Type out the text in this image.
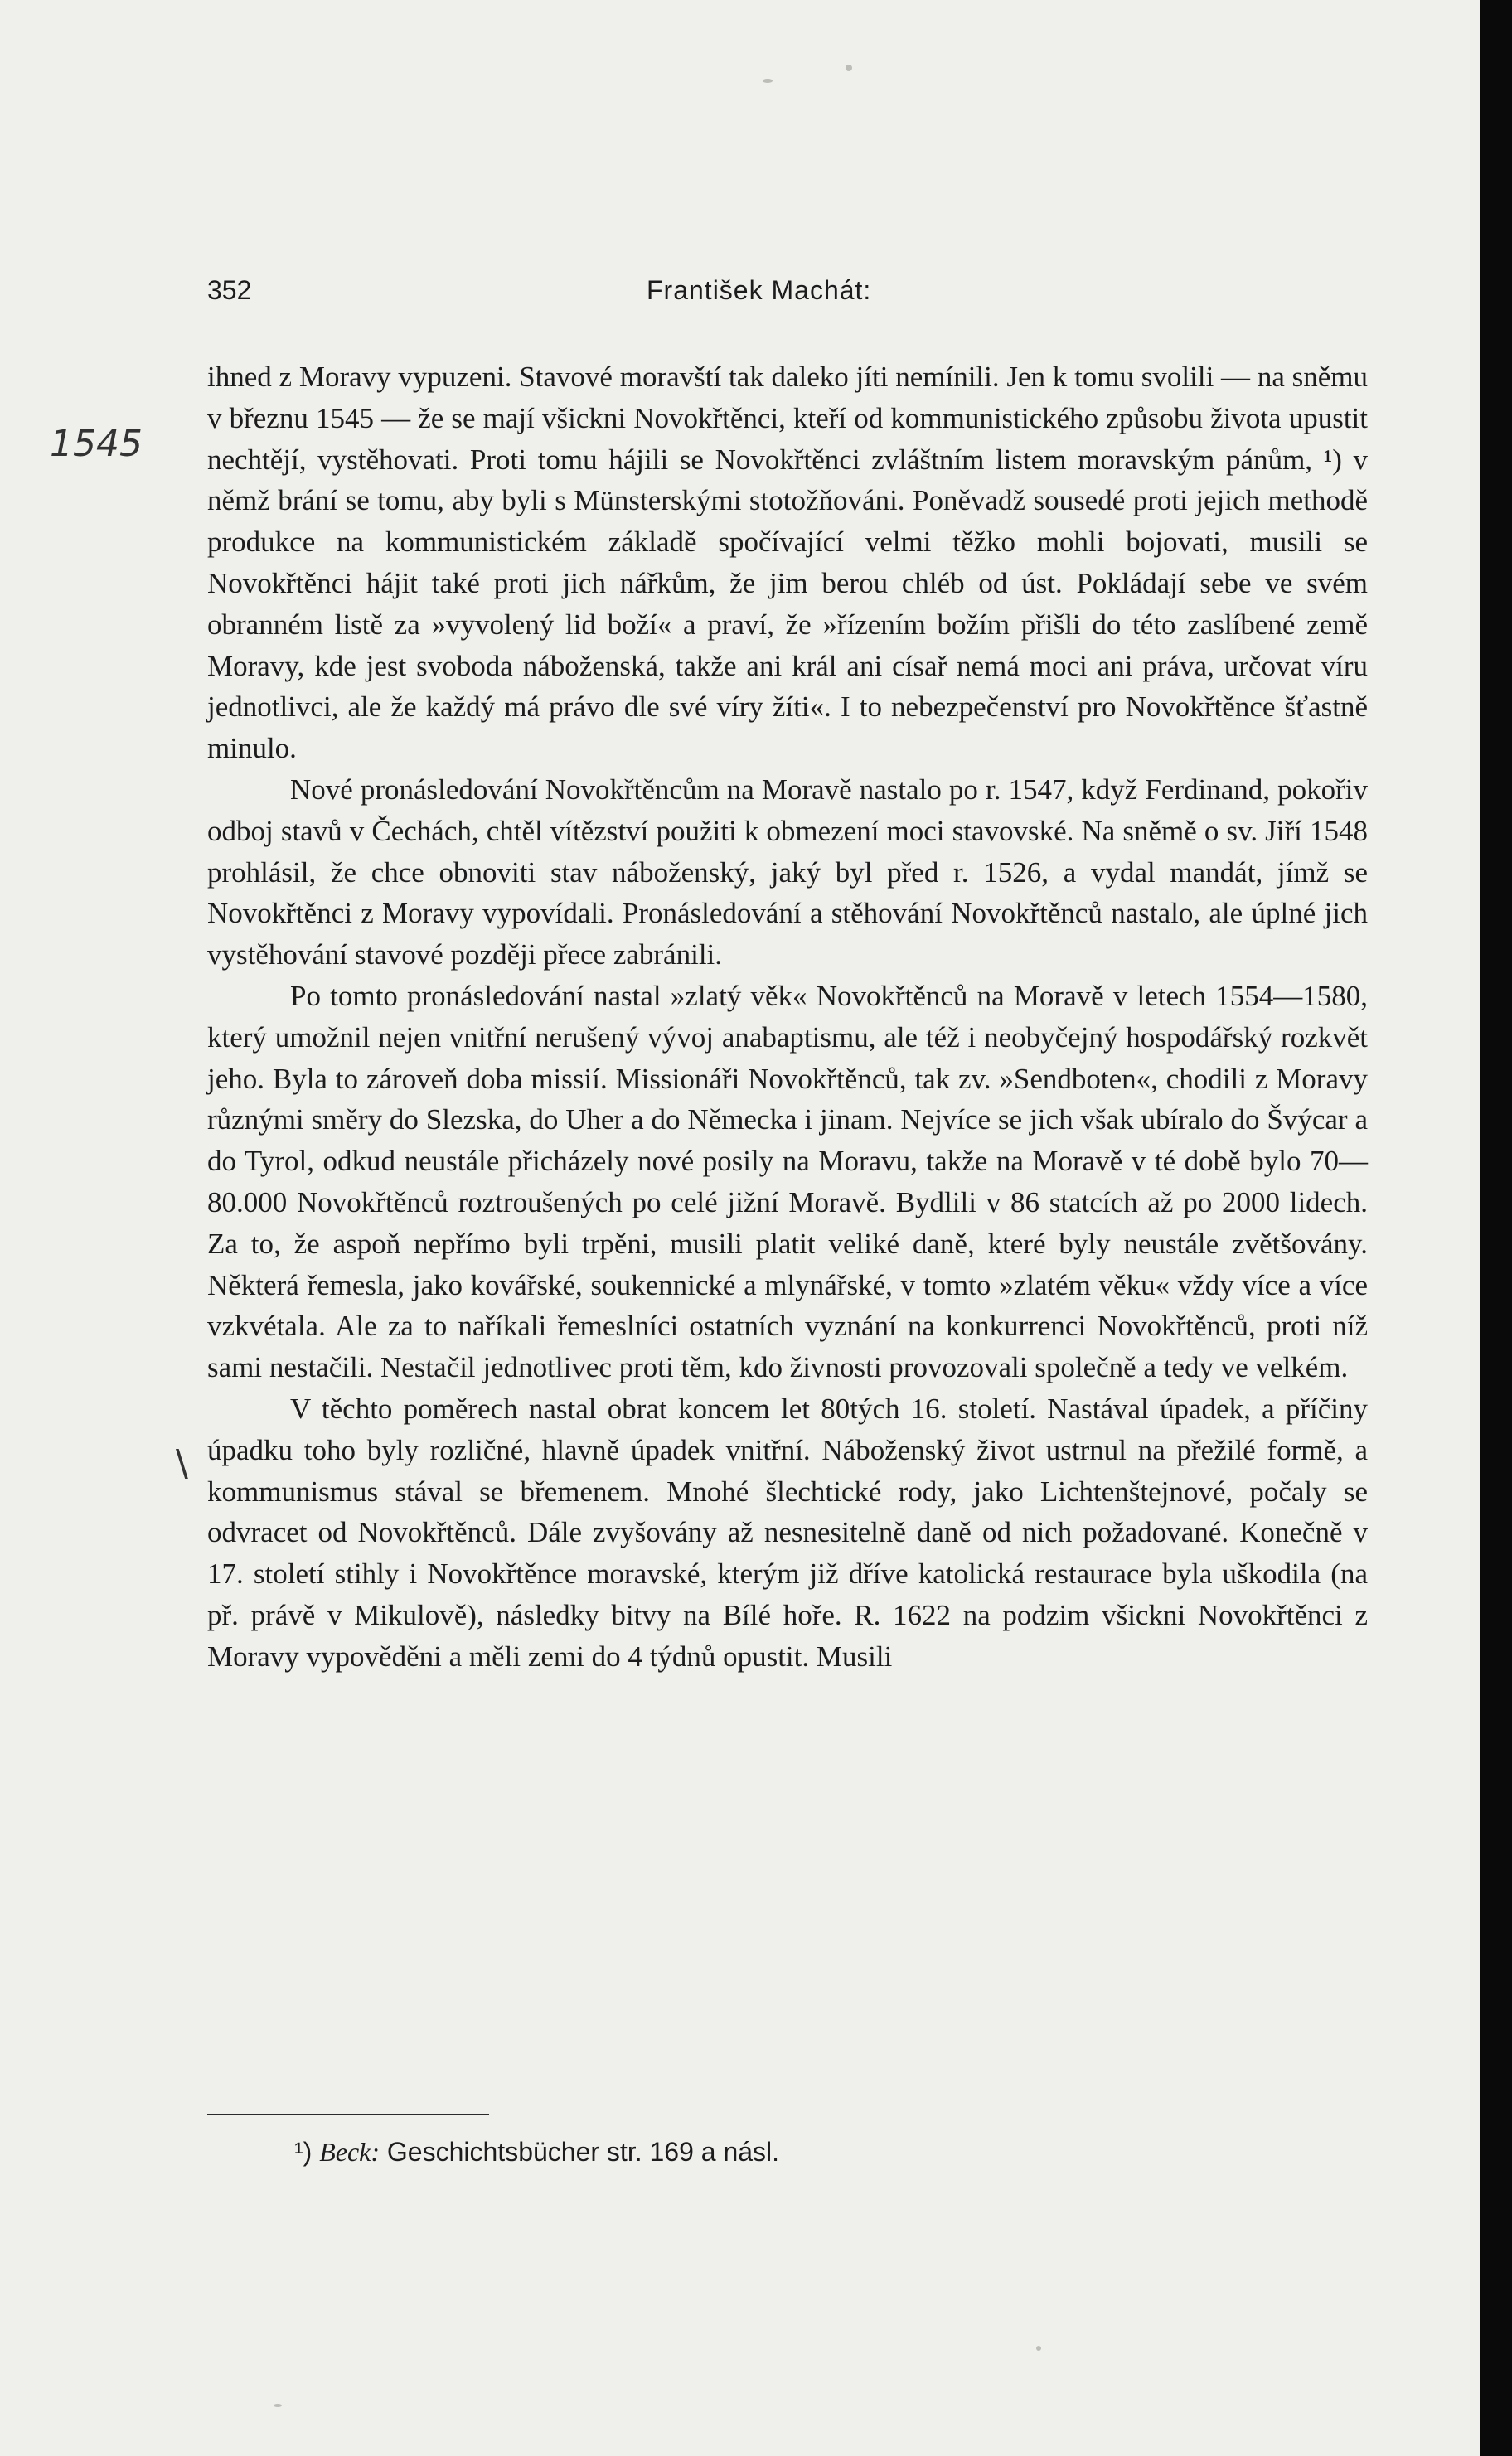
352	František Machát:
1545
\

ihned z Moravy vypuzeni. Stavové moravští tak daleko jíti nemínili. Jen k tomu svolili — na sněmu v březnu 1545 — že se mají všickni Novokřtěnci, kteří od kommunistického způsobu života upustit nechtějí, vystěhovati. Proti tomu hájili se Novokřtěnci zvláštním listem moravským pánům, ¹) v němž brání se tomu, aby byli s Münsterskými stotožňováni. Poněvadž sousedé proti jejich methodě produkce na kommunistickém základě spočívající velmi těžko mohli bojovati, musili se Novokřtěnci hájit také proti jich nářkům, že jim berou chléb od úst. Pokládají sebe ve svém obranném listě za »vyvolený lid boží« a praví, že »řízením božím přišli do této zaslíbené země Moravy, kde jest svoboda náboženská, takže ani král ani císař nemá moci ani práva, určovat víru jednotlivci, ale že každý má právo dle své víry žíti«. I to nebezpečenství pro Novokřtěnce šťastně minulo.

Nové pronásledování Novokřtěncům na Moravě nastalo po r. 1547, když Ferdinand, pokořiv odboj stavů v Čechách, chtěl vítězství použiti k obmezení moci stavovské. Na sněmě o sv. Jiří 1548 prohlásil, že chce obnoviti stav náboženský, jaký byl před r. 1526, a vydal mandát, jímž se Novokřtěnci z Moravy vypovídali. Pronásledování a stěhování Novokřtěnců nastalo, ale úplné jich vystěhování stavové později přece zabránili.

Po tomto pronásledování nastal »zlatý věk« Novokřtěnců na Moravě v letech 1554—1580, který umožnil nejen vnitřní nerušený vývoj anabaptismu, ale též i neobyčejný hospodářský rozkvět jeho. Byla to zároveň doba missií. Missionáři Novokřtěnců, tak zv. »Sendboten«, chodili z Moravy různými směry do Slezska, do Uher a do Německa i jinam. Nejvíce se jich však ubíralo do Švýcar a do Tyrol, odkud neustále přicházely nové posily na Moravu, takže na Moravě v té době bylo 70—80.000 Novokřtěnců roztroušených po celé jižní Moravě. Bydlili v 86 statcích až po 2000 lidech. Za to, že aspoň nepřímo byli trpěni, musili platit veliké daně, které byly neustále zvětšovány. Některá řemesla, jako kovářské, soukennické a mlynářské, v tomto »zlatém věku« vždy více a více vzkvétala. Ale za to naříkali řemeslníci ostatních vyznání na konkurrenci Novokřtěnců, proti níž sami nestačili. Nestačil jednotlivec proti těm, kdo živnosti provozovali společně a tedy ve velkém.

V těchto poměrech nastal obrat koncem let 80tých 16. století. Nastával úpadek, a příčiny úpadku toho byly rozličné, hlavně úpadek vnitřní. Náboženský život ustrnul na přežilé formě, a kommunismus stával se břemenem. Mnohé šlechtické rody, jako Lichtenštejnové, počaly se odvracet od Novokřtěnců. Dále zvyšovány až nesnesitelně daně od nich požadované. Konečně v 17. století stihly i Novokřtěnce moravské, kterým již dříve katolická restaurace byla uškodila (na př. právě v Mikulově), následky bitvy na Bílé hoře. R. 1622 na podzim všickni Novokřtěnci z Moravy vypověděni a měli zemi do 4 týdnů opustit. Musili

¹) Beck: Geschichtsbücher str. 169 a násl.
